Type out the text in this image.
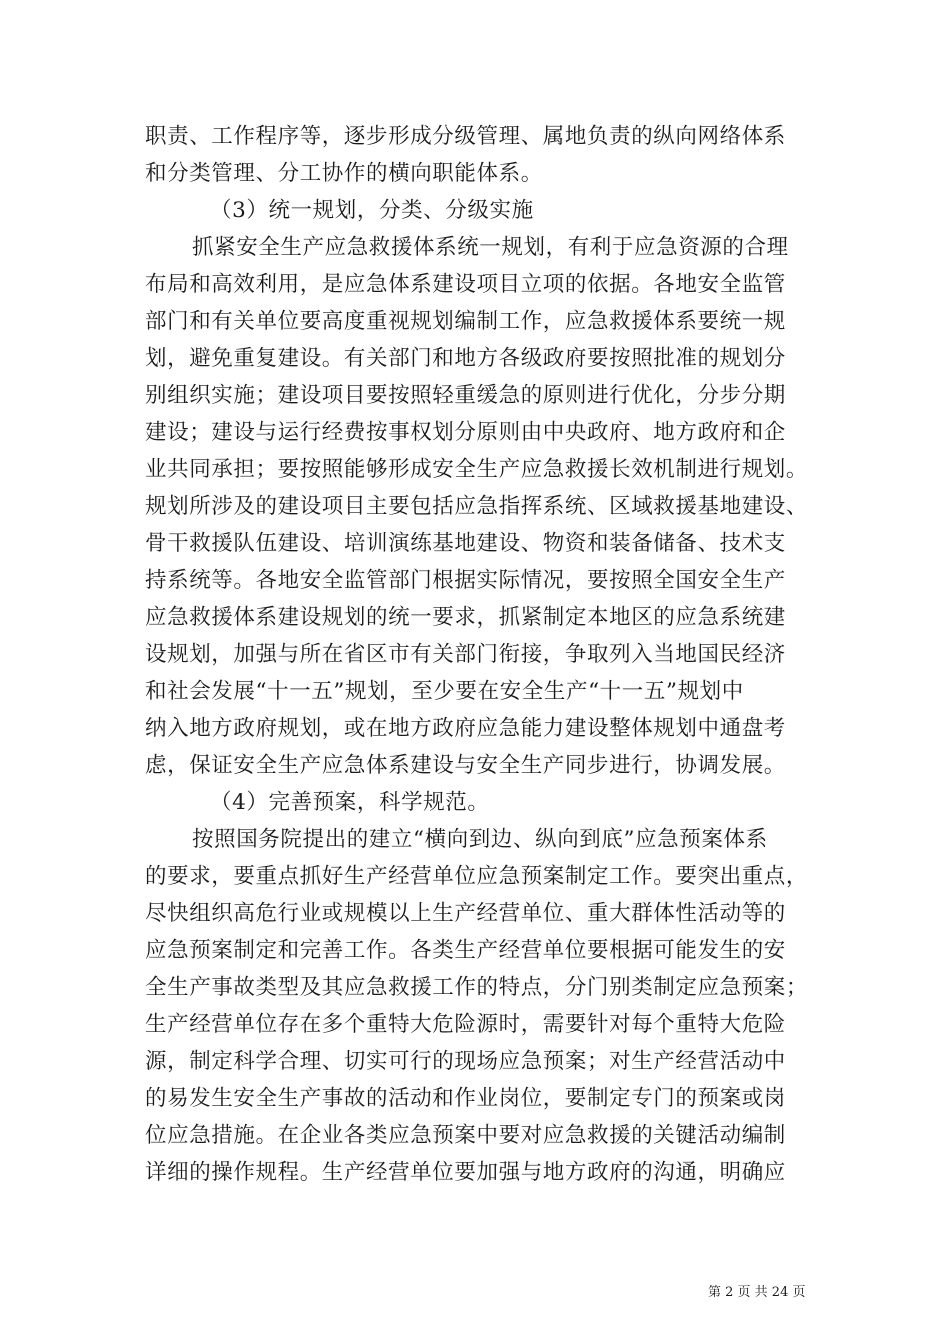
职责、工作程序等，逐步形成分级管理、属地负责的纵向网络体系
和分类管理、分工协作的横向职能体系。
（3）统一规划，分类、分级实施
抓紧安全生产应急救援体系统一规划，有利于应急资源的合理
布局和高效利用，是应急体系建设项目立项的依据。各地安全监管
部门和有关单位要高度重视规划编制工作，应急救援体系要统一规
划，避免重复建设。有关部门和地方各级政府要按照批准的规划分
别组织实施；建设项目要按照轻重缓急的原则进行优化，分步分期
建设；建设与运行经费按事权划分原则由中央政府、地方政府和企
业共同承担；要按照能够形成安全生产应急救援长效机制进行规划。
规划所涉及的建设项目主要包括应急指挥系统、区域救援基地建设、
骨干救援队伍建设、培训演练基地建设、物资和装备储备、技术支
持系统等。各地安全监管部门根据实际情况，要按照全国安全生产
应急救援体系建设规划的统一要求，抓紧制定本地区的应急系统建
设规划，加强与所在省区市有关部门衔接，争取列入当地国民经济
和社会发展“十一五”规划，至少要在安全生产“十一五”规划中
纳入地方政府规划，或在地方政府应急能力建设整体规划中通盘考
虑，保证安全生产应急体系建设与安全生产同步进行，协调发展。
（4）完善预案，科学规范。
按照国务院提出的建立“横向到边、纵向到底”应急预案体系
的要求，要重点抓好生产经营单位应急预案制定工作。要突出重点，
尽快组织高危行业或规模以上生产经营单位、重大群体性活动等的
应急预案制定和完善工作。各类生产经营单位要根据可能发生的安
全生产事故类型及其应急救援工作的特点，分门别类制定应急预案；
生产经营单位存在多个重特大危险源时，需要针对每个重特大危险
源，制定科学合理、切实可行的现场应急预案；对生产经营活动中
的易发生安全生产事故的活动和作业岗位，要制定专门的预案或岗
位应急措施。在企业各类应急预案中要对应急救援的关键活动编制
详细的操作规程。生产经营单位要加强与地方政府的沟通，明确应
第 2 页 共 24 页
